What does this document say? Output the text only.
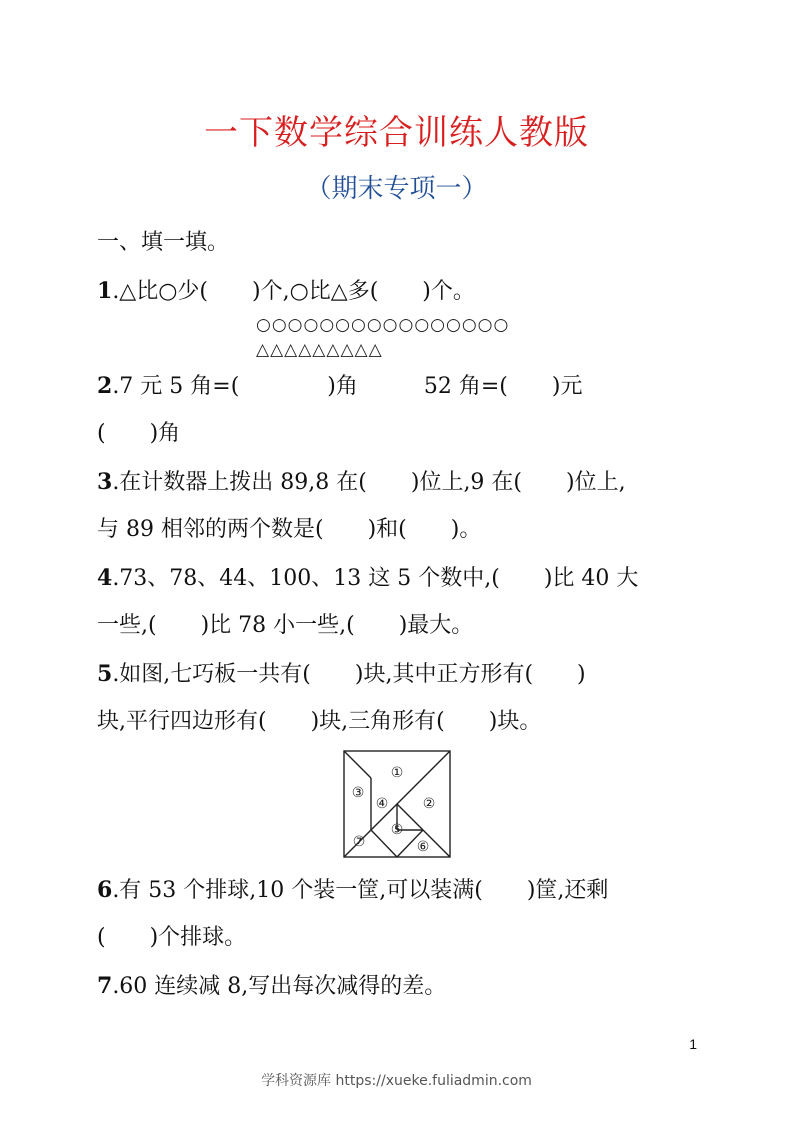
一下数学综合训练人教版
（期末专项一）
一、填一填。
1.△比○少(　　)个,○比△多(　　)个。
○○○○○○○○○○○○○○○○
△△△△△△△△△
2.7 元 5 角=(　　　　)角　　　52 角=(　　)元
(　　)角
3.在计数器上拨出 89,8 在(　　)位上,9 在(　　)位上,
与 89 相邻的两个数是(　　)和(　　)。
4.73、78、44、100、13 这 5 个数中,(　　)比 40 大
一些,(　　)比 78 小一些,(　　)最大。
5.如图,七巧板一共有(　　)块,其中正方形有(　　)
块,平行四边形有(　　)块,三角形有(　　)块。
①
②
③
④
⑤
⑥
⑦
6.有 53 个排球,10 个装一筐,可以装满(　　)筐,还剩
(　　)个排球。
7.60 连续减 8,写出每次减得的差。
1
学科资源库 https://xueke.fuliadmin.com
